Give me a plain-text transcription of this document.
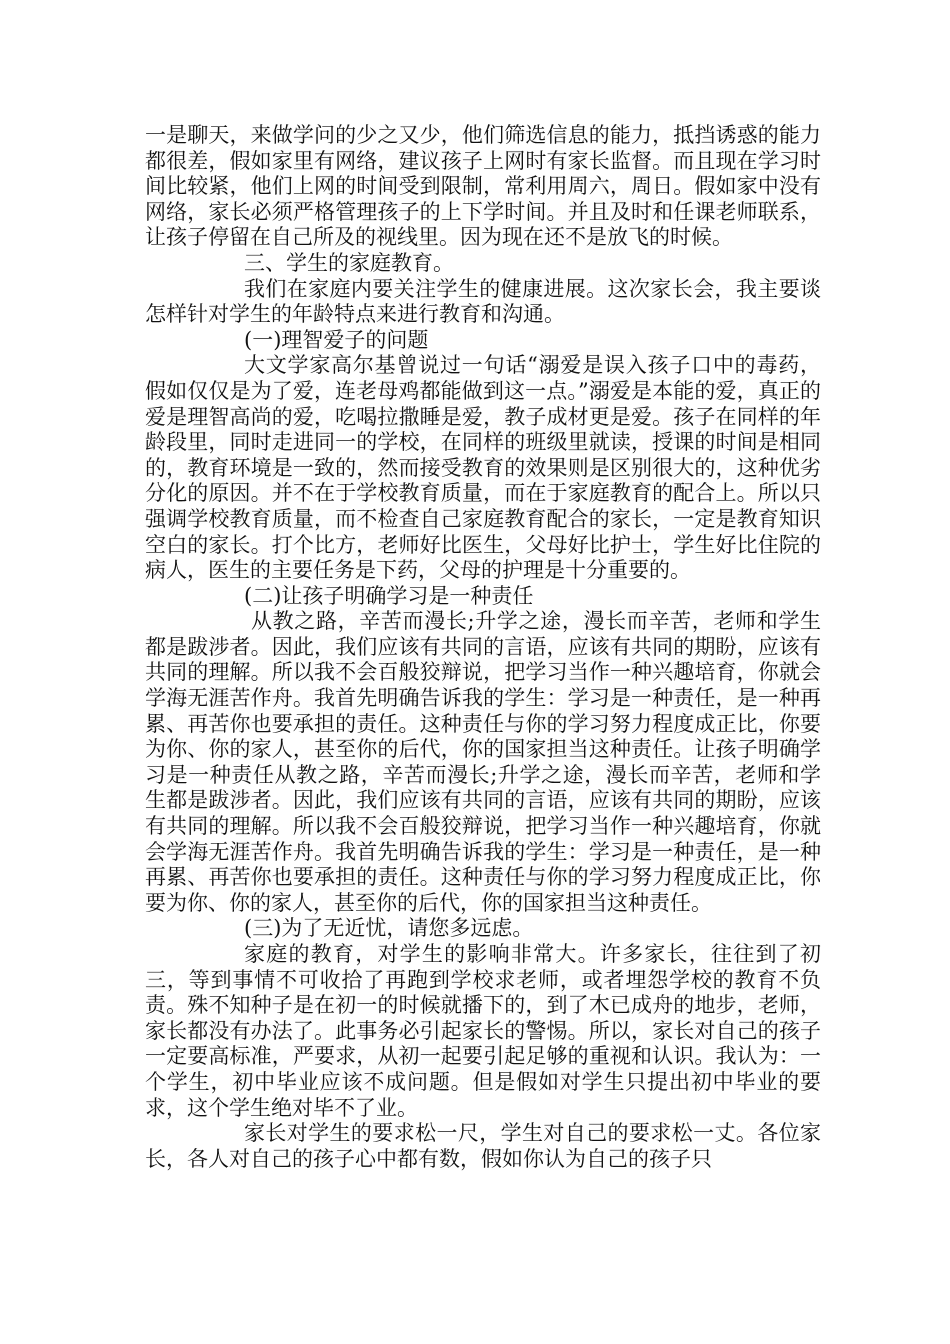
一是聊天，来做学问的少之又少，他们筛选信息的能力，抵挡诱惑的能力都很差，假如家里有网络，建议孩子上网时有家长监督。而且现在学习时间比较紧，他们上网的时间受到限制，常利用周六，周日。假如家中没有网络，家长必须严格管理孩子的上下学时间。并且及时和任课老师联系，让孩子停留在自己所及的视线里。因为现在还不是放飞的时候。

三、学生的家庭教育。

我们在家庭内要关注学生的健康进展。这次家长会，我主要谈怎样针对学生的年龄特点来进行教育和沟通。

(一)理智爱子的问题

大文学家高尔基曾说过一句话“溺爱是误入孩子口中的毒药，假如仅仅是为了爱，连老母鸡都能做到这一点。”溺爱是本能的爱，真正的爱是理智高尚的爱，吃喝拉撒睡是爱，教子成材更是爱。孩子在同样的年龄段里，同时走进同一的学校，在同样的班级里就读，授课的时间是相同的，教育环境是一致的，然而接受教育的效果则是区别很大的，这种优劣分化的原因。并不在于学校教育质量，而在于家庭教育的配合上。所以只强调学校教育质量，而不检查自己家庭教育配合的家长，一定是教育知识空白的家长。打个比方，老师好比医生，父母好比护士，学生好比住院的病人，医生的主要任务是下药，父母的护理是十分重要的。

(二)让孩子明确学习是一种责任

从教之路，辛苦而漫长;升学之途，漫长而辛苦，老师和学生都是跋涉者。因此，我们应该有共同的言语，应该有共同的期盼，应该有共同的理解。所以我不会百般狡辩说，把学习当作一种兴趣培育，你就会学海无涯苦作舟。我首先明确告诉我的学生：学习是一种责任，是一种再累、再苦你也要承担的责任。这种责任与你的学习努力程度成正比，你要为你、你的家人，甚至你的后代，你的国家担当这种责任。让孩子明确学习是一种责任从教之路，辛苦而漫长;升学之途，漫长而辛苦，老师和学生都是跋涉者。因此，我们应该有共同的言语，应该有共同的期盼，应该有共同的理解。所以我不会百般狡辩说，把学习当作一种兴趣培育，你就会学海无涯苦作舟。我首先明确告诉我的学生：学习是一种责任，是一种再累、再苦你也要承担的责任。这种责任与你的学习努力程度成正比，你要为你、你的家人，甚至你的后代，你的国家担当这种责任。

(三)为了无近忧，请您多远虑。

家庭的教育，对学生的影响非常大。许多家长，往往到了初三，等到事情不可收拾了再跑到学校求老师，或者埋怨学校的教育不负责。殊不知种子是在初一的时候就播下的，到了木已成舟的地步，老师，家长都没有办法了。此事务必引起家长的警惕。所以，家长对自己的孩子一定要高标准，严要求，从初一起要引起足够的重视和认识。我认为：一个学生，初中毕业应该不成问题。但是假如对学生只提出初中毕业的要求，这个学生绝对毕不了业。

家长对学生的要求松一尺，学生对自己的要求松一丈。各位家长，各人对自己的孩子心中都有数，假如你认为自己的孩子只
